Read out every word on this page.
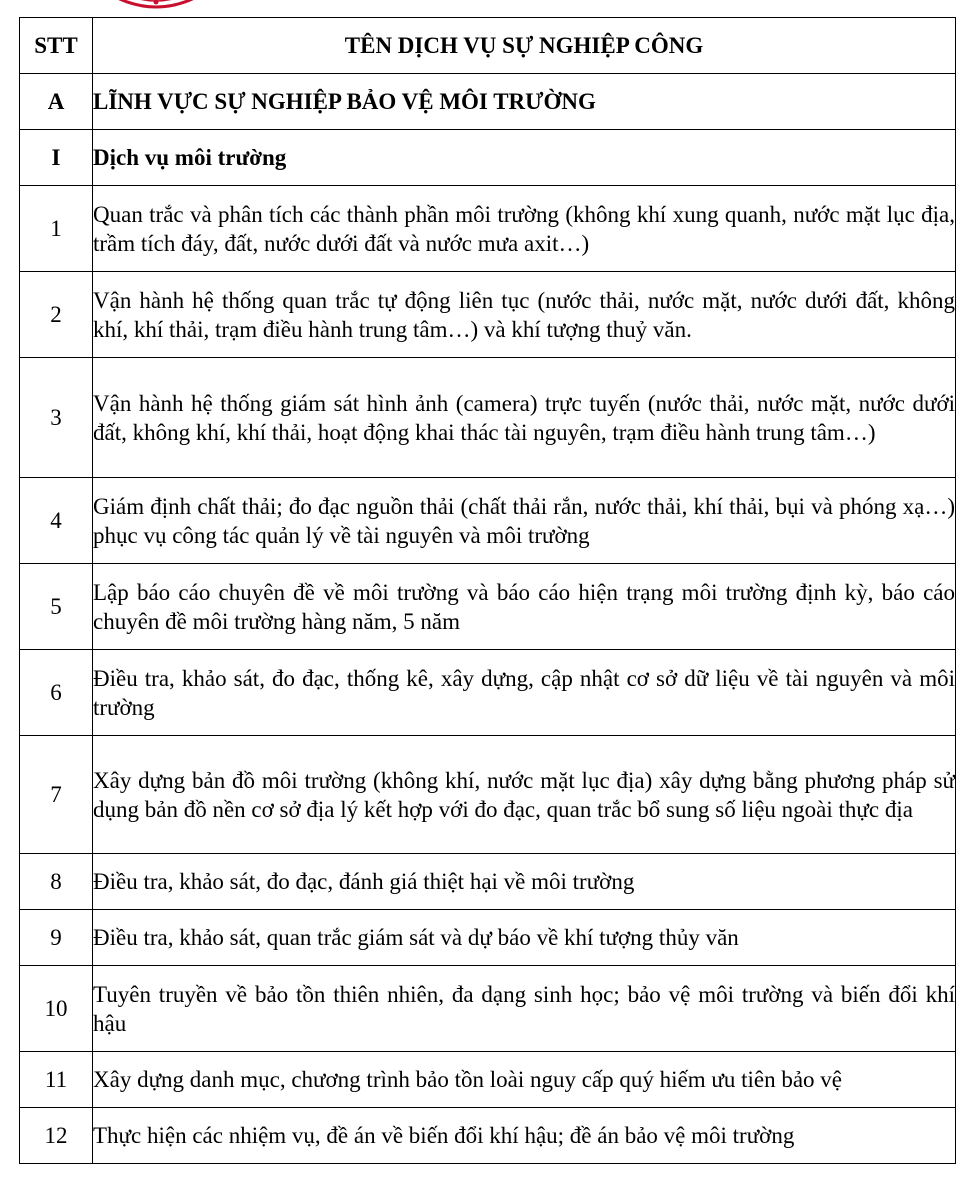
STT	TÊN DỊCH VỤ SỰ NGHIỆP CÔNG
A	LĨNH VỰC SỰ NGHIỆP BẢO VỆ MÔI TRƯỜNG
I	Dịch vụ môi trường
1	Quan trắc và phân tích các thành phần môi trường (không khí xung quanh, nước mặt lục địa, trầm tích đáy, đất, nước dưới đất và nước mưa axit…)
2	Vận hành hệ thống quan trắc tự động liên tục (nước thải, nước mặt, nước dưới đất, không khí, khí thải, trạm điều hành trung tâm…) và khí tượng thuỷ văn.
3	Vận hành hệ thống giám sát hình ảnh (camera) trực tuyến (nước thải, nước mặt, nước dưới đất, không khí, khí thải, hoạt động khai thác tài nguyên, trạm điều hành trung tâm…)
4	Giám định chất thải; đo đạc nguồn thải (chất thải rắn, nước thải, khí thải, bụi và phóng xạ…) phục vụ công tác quản lý về tài nguyên và môi trường
5	Lập báo cáo chuyên đề về môi trường và báo cáo hiện trạng môi trường định kỳ, báo cáo chuyên đề môi trường hàng năm, 5 năm
6	Điều tra, khảo sát, đo đạc, thống kê, xây dựng, cập nhật cơ sở dữ liệu về tài nguyên và môi trường
7	Xây dựng bản đồ môi trường (không khí, nước mặt lục địa) xây dựng bằng phương pháp sử dụng bản đồ nền cơ sở địa lý kết hợp với đo đạc, quan trắc bổ sung số liệu ngoài thực địa
8	Điều tra, khảo sát, đo đạc, đánh giá thiệt hại về môi trường
9	Điều tra, khảo sát, quan trắc giám sát và dự báo về khí tượng thủy văn
10	Tuyên truyền về bảo tồn thiên nhiên, đa dạng sinh học; bảo vệ môi trường và biến đổi khí hậu
11	Xây dựng danh mục, chương trình bảo tồn loài nguy cấp quý hiếm ưu tiên bảo vệ
12	Thực hiện các nhiệm vụ, đề án về biến đổi khí hậu; đề án bảo vệ môi trường
